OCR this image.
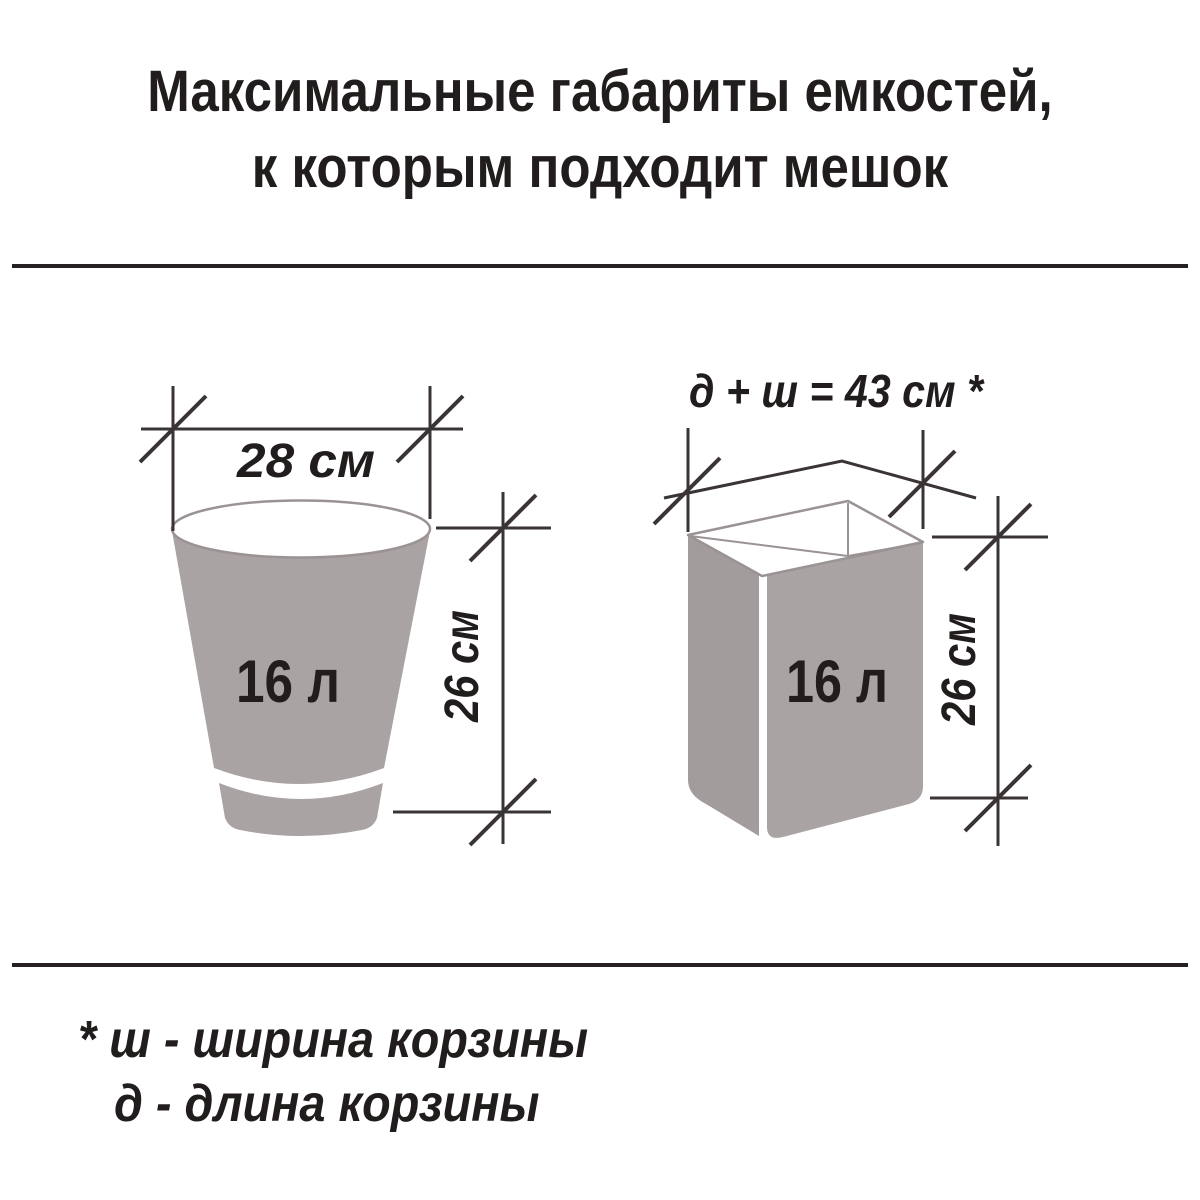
Максимальные габариты емкостей,
к которым подходит мешок
28 см
26 см
16 л
д + ш = 43 см *
26 см
16 л
* ш - ширина корзины
д - длина корзины
